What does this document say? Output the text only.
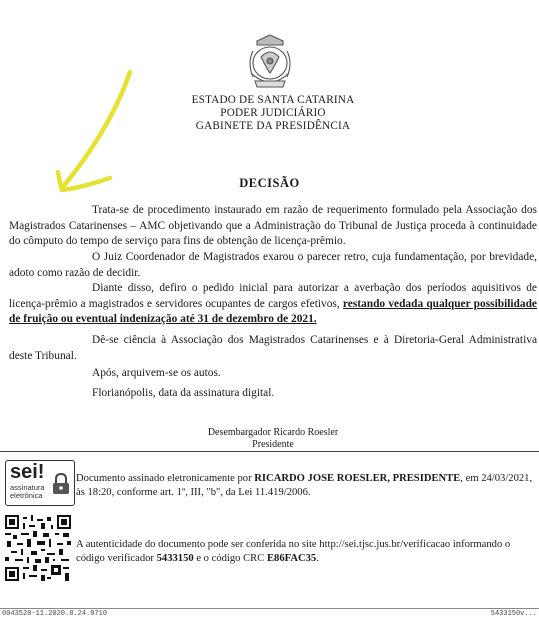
ESTADO DE SANTA CATARINA
PODER JUDICIÁRIO
GABINETE DA PRESIDÊNCIA
DECISÃO
Trata-se de procedimento instaurado em razão de requerimento formulado pela Associação dos Magistrados Catarinenses – AMC objetivando que a Administração do Tribunal de Justiça proceda à continuidade do cômputo do tempo de serviço para fins de obtenção de licença-prêmio.
O Juiz Coordenador de Magistrados exarou o parecer retro, cuja fundamentação, por brevidade, adoto como razão de decidir.
Diante disso, defiro o pedido inicial para autorizar a averbação dos períodos aquisitivos de licença-prêmio a magistrados e servidores ocupantes de cargos efetivos, restando vedada qualquer possibilidade de fruição ou eventual indenização até 31 de dezembro de 2021.
Dê-se ciência à Associação dos Magistrados Catarinenses e à Diretoria-Geral Administrativa deste Tribunal.
Após, arquivem-se os autos.
Florianópolis, data da assinatura digital.
Desembargador Ricardo Roesler
Presidente
sei!
assinatura
eletrônica
Documento assinado eletronicamente por RICARDO JOSE ROESLER, PRESIDENTE, em 24/03/2021, às 18:20, conforme art. 1º, III, "b", da Lei 11.419/2006.
A autenticidade do documento pode ser conferida no site http://sei.tjsc.jus.br/verificacao informando o código verificador 5433150 e o código CRC E86FAC35.
0043520-11.2020.8.24.0710	5433150v...
